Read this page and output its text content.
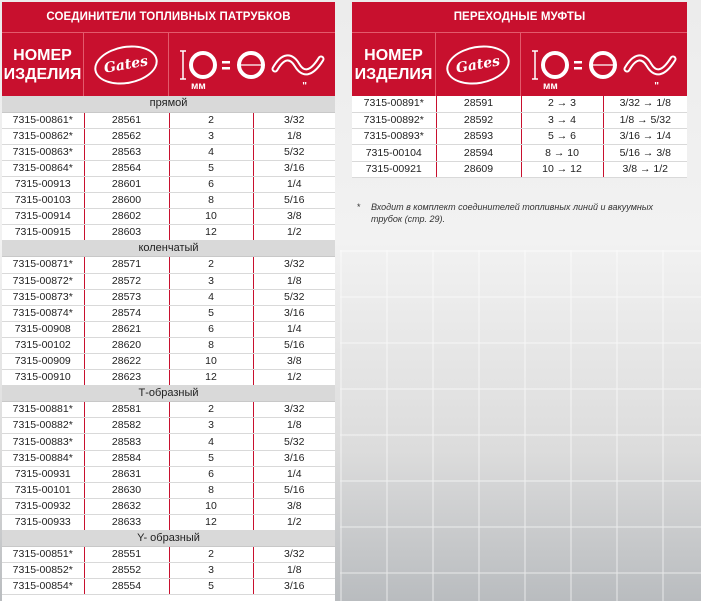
СОЕДИНИТЕЛИ ТОПЛИВНЫХ ПАТРУБКОВ
НОМЕР
ИЗДЕЛИЯ	Gates
мм	"
прямой			
7315-00861*	28561	2	3/32
7315-00862*	28562	3	1/8
7315-00863*	28563	4	5/32
7315-00864*	28564	5	3/16
7315-00913	28601	6	1/4
7315-00103	28600	8	5/16
7315-00914	28602	10	3/8
7315-00915	28603	12	1/2
коленчатый			
7315-00871*	28571	2	3/32
7315-00872*	28572	3	1/8
7315-00873*	28573	4	5/32
7315-00874*	28574	5	3/16
7315-00908	28621	6	1/4
7315-00102	28620	8	5/16
7315-00909	28622	10	3/8
7315-00910	28623	12	1/2
Т-образный			
7315-00881*	28581	2	3/32
7315-00882*	28582	3	1/8
7315-00883*	28583	4	5/32
7315-00884*	28584	5	3/16
7315-00931	28631	6	1/4
7315-00101	28630	8	5/16
7315-00932	28632	10	3/8
7315-00933	28633	12	1/2
Y- образный			
7315-00851*	28551	2	3/32
7315-00852*	28552	3	1/8
7315-00854*	28554	5	3/16
ПЕРЕХОДНЫЕ МУФТЫ
НОМЕР
ИЗДЕЛИЯ	Gates
мм	"
7315-00891*	28591	2 → 3	3/32 → 1/8
7315-00892*	28592	3 → 4	1/8 → 5/32
7315-00893*	28593	5 → 6	3/16 → 1/4
7315-00104	28594	8 → 10	5/16 → 3/8
7315-00921	28609	10 → 12	3/8 → 1/2
*	Входит в комплект соединителей топливных линий и вакуумных трубок (стр. 29).
